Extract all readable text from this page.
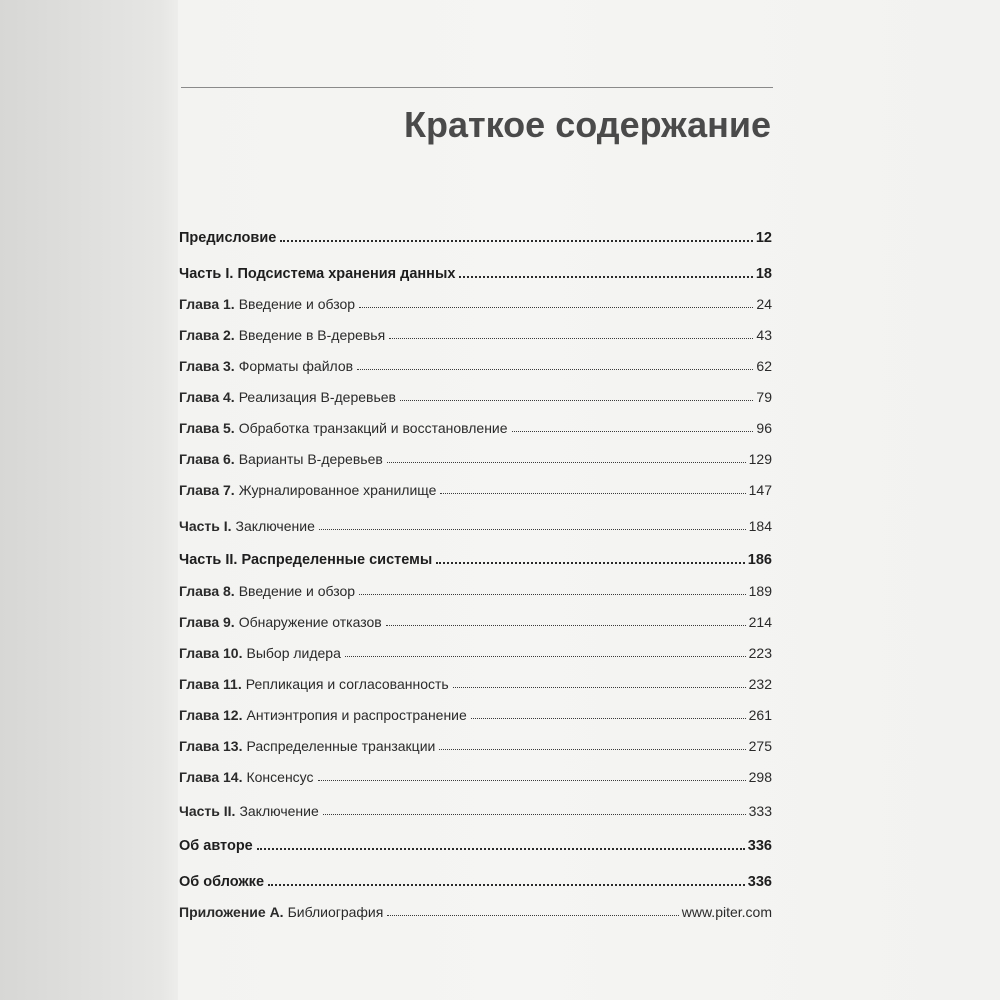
Краткое содержание
Предисловие	12
Часть I. Подсистема хранения данных	18
Глава 1. Введение и обзор	24
Глава 2. Введение в B-деревья	43
Глава 3. Форматы файлов	62
Глава 4. Реализация B-деревьев	79
Глава 5. Обработка транзакций и восстановление	96
Глава 6. Варианты B-деревьев	129
Глава 7. Журналированное хранилище	147
Часть I. Заключение	184
Часть II. Распределенные системы	186
Глава 8. Введение и обзор	189
Глава 9. Обнаружение отказов	214
Глава 10. Выбор лидера	223
Глава 11. Репликация и согласованность	232
Глава 12. Антиэнтропия и распространение	261
Глава 13. Распределенные транзакции	275
Глава 14. Консенсус	298
Часть II. Заключение	333
Об авторе	336
Об обложке	336
Приложение А. Библиография	www.piter.com
